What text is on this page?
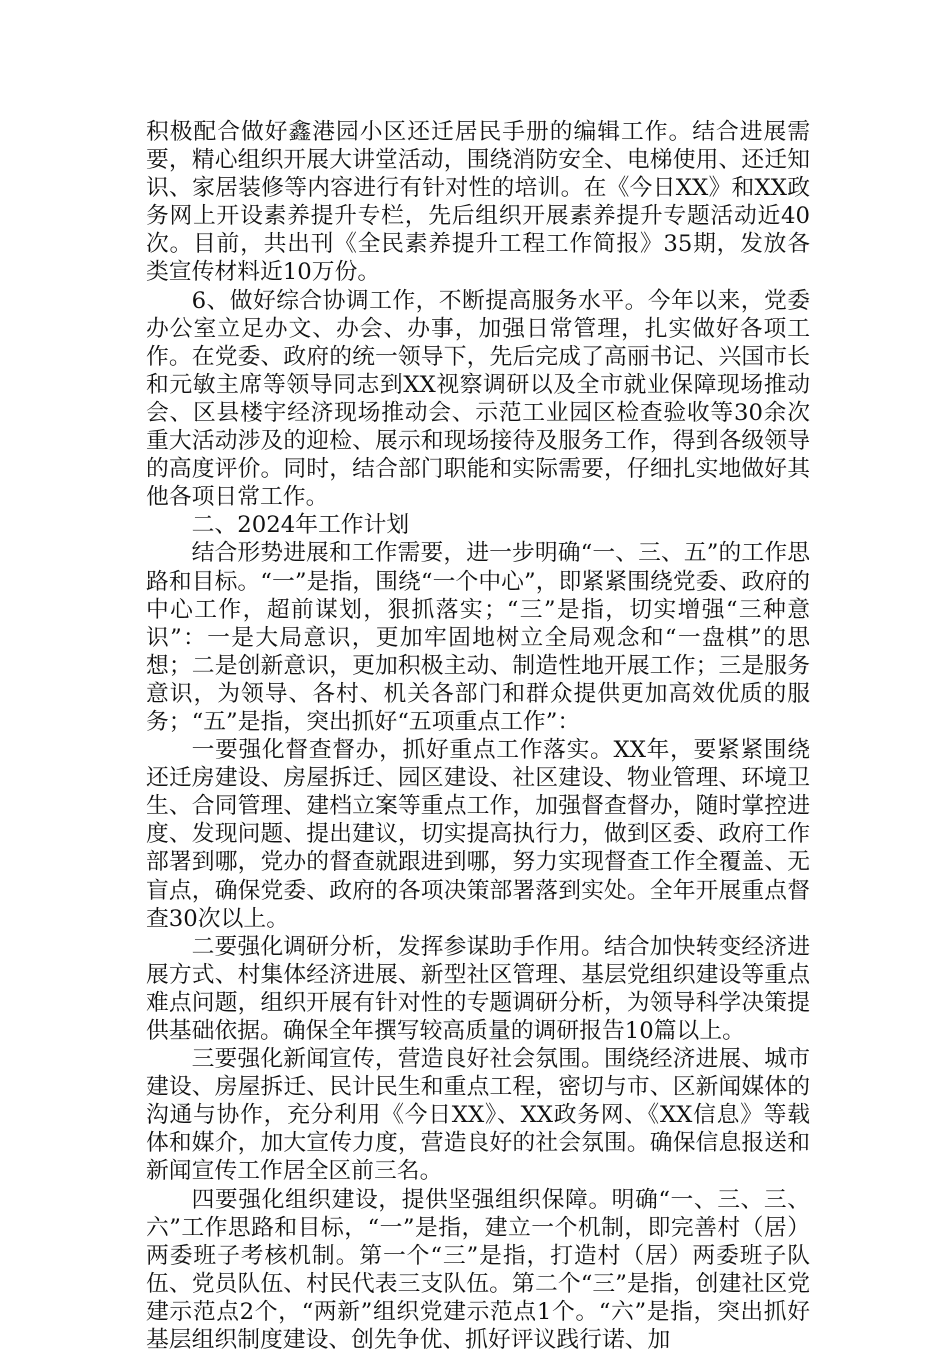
积极配合做好鑫港园小区还迁居民手册的编辑工作。结合进展需要，精心组织开展大讲堂活动，围绕消防安全、电梯使用、还迁知识、家居装修等内容进行有针对性的培训。在《今日XX》和XX政务网上开设素养提升专栏，先后组织开展素养提升专题活动近40次。目前，共出刊《全民素养提升工程工作简报》35期，发放各类宣传材料近10万份。

6、做好综合协调工作，不断提高服务水平。今年以来，党委办公室立足办文、办会、办事，加强日常管理，扎实做好各项工作。在党委、政府的统一领导下，先后完成了高丽书记、兴国市长和元敏主席等领导同志到XX视察调研以及全市就业保障现场推动会、区县楼宇经济现场推动会、示范工业园区检查验收等30余次重大活动涉及的迎检、展示和现场接待及服务工作，得到各级领导的高度评价。同时，结合部门职能和实际需要，仔细扎实地做好其他各项日常工作。

二、2024年工作计划

结合形势进展和工作需要，进一步明确“一、三、五”的工作思路和目标。“一”是指，围绕“一个中心”，即紧紧围绕党委、政府的中心工作，超前谋划，狠抓落实；“三”是指，切实增强“三种意识”：一是大局意识，更加牢固地树立全局观念和“一盘棋”的思想；二是创新意识，更加积极主动、制造性地开展工作；三是服务意识，为领导、各村、机关各部门和群众提供更加高效优质的服务；“五”是指，突出抓好“五项重点工作”：

一要强化督查督办，抓好重点工作落实。XX年，要紧紧围绕还迁房建设、房屋拆迁、园区建设、社区建设、物业管理、环境卫生、合同管理、建档立案等重点工作，加强督查督办，随时掌控进度、发现问题、提出建议，切实提高执行力，做到区委、政府工作部署到哪，党办的督查就跟进到哪，努力实现督查工作全覆盖、无盲点，确保党委、政府的各项决策部署落到实处。全年开展重点督查30次以上。

二要强化调研分析，发挥参谋助手作用。结合加快转变经济进展方式、村集体经济进展、新型社区管理、基层党组织建设等重点难点问题，组织开展有针对性的专题调研分析，为领导科学决策提供基础依据。确保全年撰写较高质量的调研报告10篇以上。

三要强化新闻宣传，营造良好社会氛围。围绕经济进展、城市建设、房屋拆迁、民计民生和重点工程，密切与市、区新闻媒体的沟通与协作，充分利用《今日XX》、XX政务网、《XX信息》等载体和媒介，加大宣传力度，营造良好的社会氛围。确保信息报送和新闻宣传工作居全区前三名。

四要强化组织建设，提供坚强组织保障。明确“一、三、三、六”工作思路和目标，“一”是指，建立一个机制，即完善村（居）两委班子考核机制。第一个“三”是指，打造村（居）两委班子队伍、党员队伍、村民代表三支队伍。第二个“三”是指，创建社区党建示范点2个，“两新”组织党建示范点1个。“六”是指，突出抓好基层组织制度建设、创先争优、抓好评议践行诺、加
